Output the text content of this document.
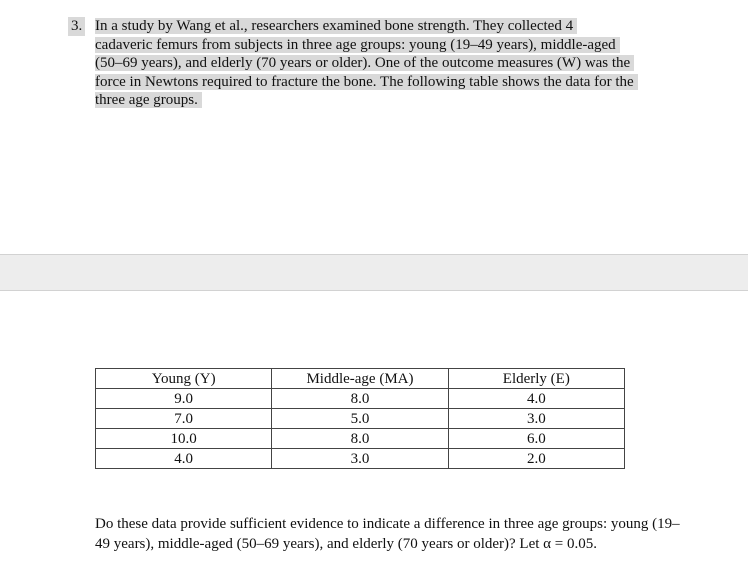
3. In a study by Wang et al., researchers examined bone strength. They collected 4
cadaveric femurs from subjects in three age groups: young (19–49 years), middle-aged
(50–69 years), and elderly (70 years or older). One of the outcome measures (W) was the
force in Newtons required to fracture the bone. The following table shows the data for the
three age groups.
Young (Y)	Middle-age (MA)	Elderly (E)
9.0	8.0	4.0
7.0	5.0	3.0
10.0	8.0	6.0
4.0	3.0	2.0

Do these data provide sufficient evidence to indicate a difference in three age groups: young (19–49 years), middle-aged (50–69 years), and elderly (70 years or older)? Let α = 0.05.
